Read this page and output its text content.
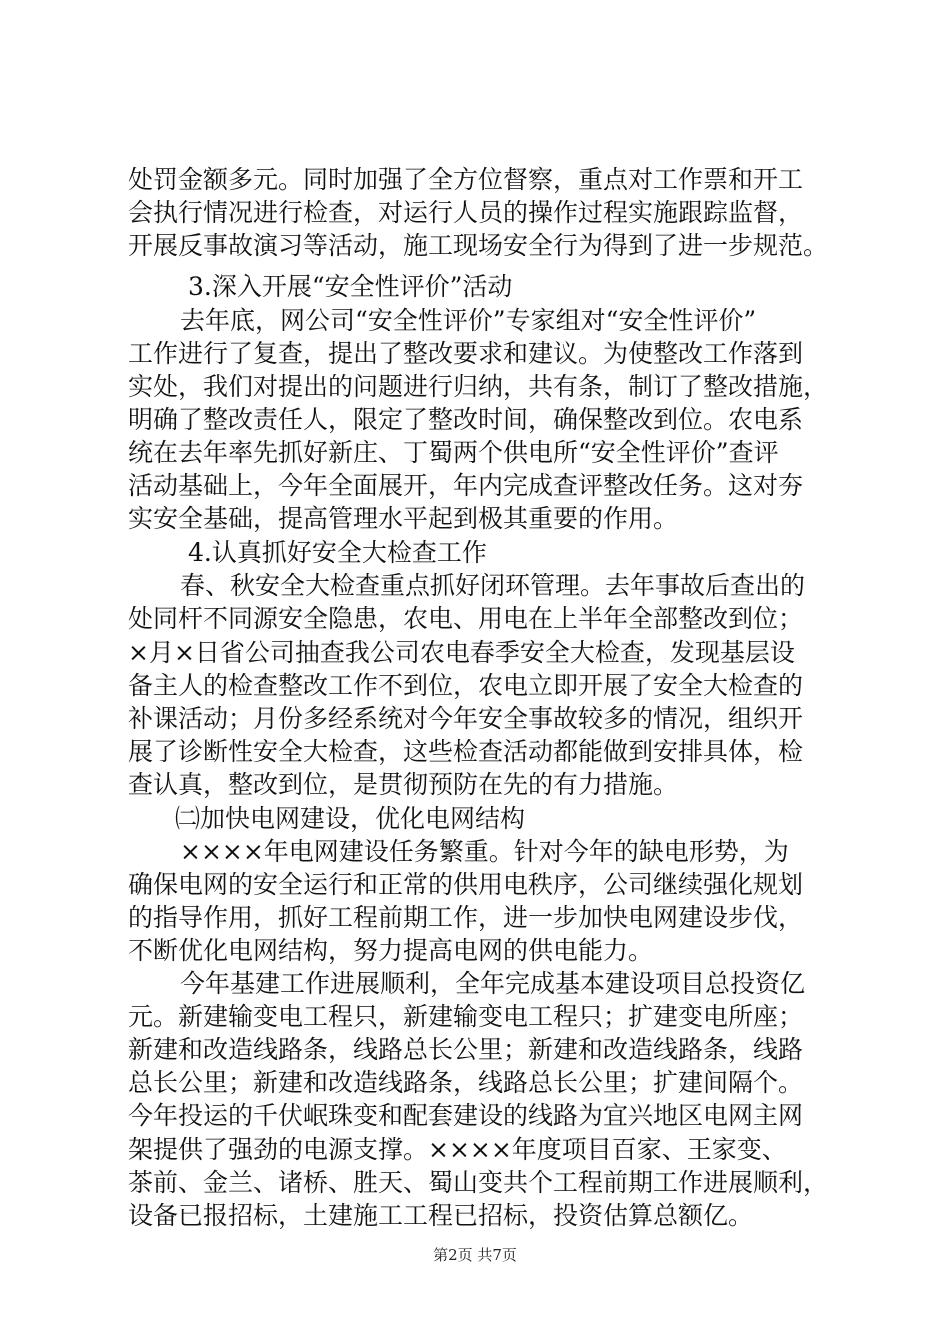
处罚金额多元。同时加强了全方位督察，重点对工作票和开工
会执行情况进行检查，对运行人员的操作过程实施跟踪监督，
开展反事故演习等活动，施工现场安全行为得到了进一步规范。
3.深入开展“安全性评价”活动
去年底，网公司“安全性评价”专家组对“安全性评价”
工作进行了复查，提出了整改要求和建议。为使整改工作落到
实处，我们对提出的问题进行归纳，共有条，制订了整改措施，
明确了整改责任人，限定了整改时间，确保整改到位。农电系
统在去年率先抓好新庄、丁蜀两个供电所“安全性评价”查评
活动基础上，今年全面展开，年内完成查评整改任务。这对夯
实安全基础，提高管理水平起到极其重要的作用。
4.认真抓好安全大检查工作
春、秋安全大检查重点抓好闭环管理。去年事故后查出的
处同杆不同源安全隐患，农电、用电在上半年全部整改到位；
×月×日省公司抽查我公司农电春季安全大检查，发现基层设
备主人的检查整改工作不到位，农电立即开展了安全大检查的
补课活动；月份多经系统对今年安全事故较多的情况，组织开
展了诊断性安全大检查，这些检查活动都能做到安排具体，检
查认真，整改到位，是贯彻预防在先的有力措施。
㈡加快电网建设，优化电网结构
××××年电网建设任务繁重。针对今年的缺电形势，为
确保电网的安全运行和正常的供用电秩序，公司继续强化规划
的指导作用，抓好工程前期工作，进一步加快电网建设步伐，
不断优化电网结构，努力提高电网的供电能力。
今年基建工作进展顺利，全年完成基本建设项目总投资亿
元。新建输变电工程只，新建输变电工程只；扩建变电所座；
新建和改造线路条，线路总长公里；新建和改造线路条，线路
总长公里；新建和改造线路条，线路总长公里；扩建间隔个。
今年投运的千伏岷珠变和配套建设的线路为宜兴地区电网主网
架提供了强劲的电源支撑。××××年度项目百家、王家变、
茶前、金兰、诸桥、胜天、蜀山变共个工程前期工作进展顺利，
设备已报招标，土建施工工程已招标，投资估算总额亿。
第2页 共7页
